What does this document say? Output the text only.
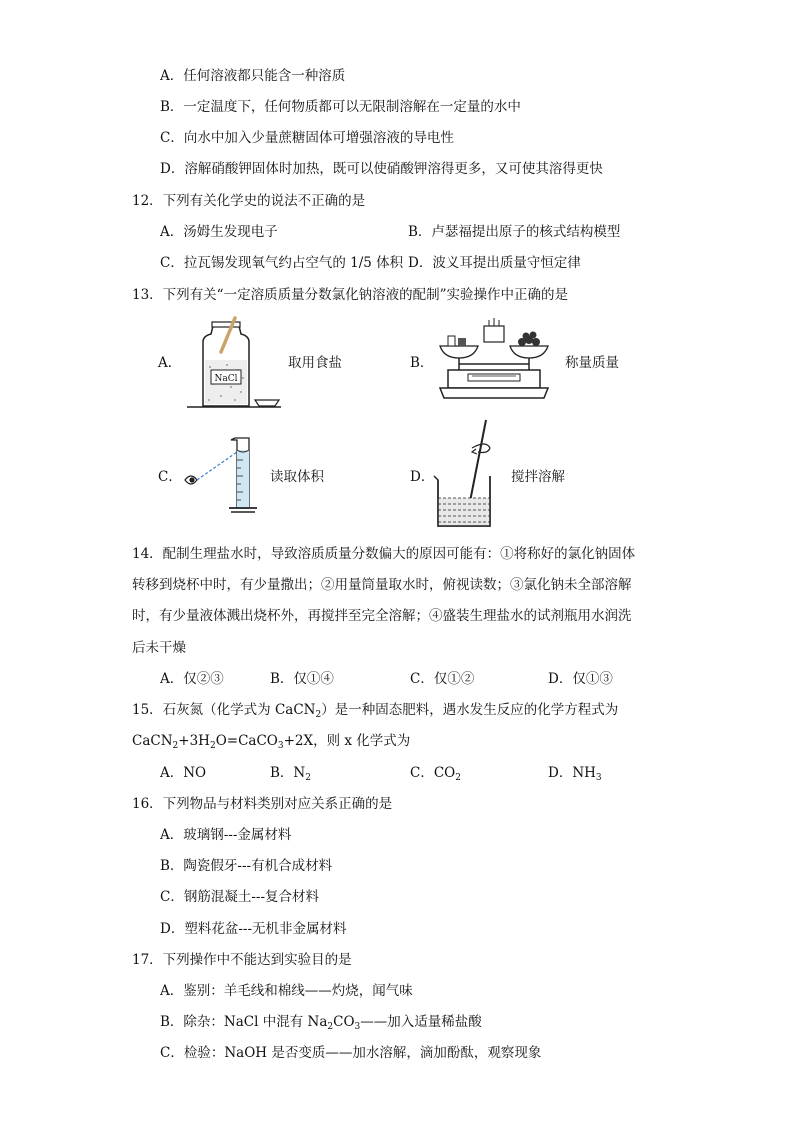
A．任何溶液都只能含一种溶质
B．一定温度下，任何物质都可以无限制溶解在一定量的水中
C．向水中加入少量蔗糖固体可增强溶液的导电性
D．溶解硝酸钾固体时加热，既可以使硝酸钾溶得更多，又可使其溶得更快
12．下列有关化学史的说法不正确的是
A．汤姆生发现电子	B．卢瑟福提出原子的核式结构模型
C．拉瓦锡发现氧气约占空气的 1/5 体积 D．波义耳提出质量守恒定律
13．下列有关“一定溶质质量分数氯化钠溶液的配制”实验操作中正确的是
A．
NaCl
取用食盐	B．	称量质量
C．	读取体积	D．	搅拌溶解
14．配制生理盐水时，导致溶质质量分数偏大的原因可能有：①将称好的氯化钠固体
转移到烧杯中时，有少量撒出；②用量筒量取水时，俯视读数；③氯化钠未全部溶解
时，有少量液体溅出烧杯外，再搅拌至完全溶解；④盛装生理盐水的试剂瓶用水润洗
后未干燥
A．仅②③	B．仅①④	C．仅①②	D．仅①③
15．石灰氮（化学式为 CaCN$_2$）是一种固态肥料，遇水发生反应的化学方程式为
$CaCN_2+3H_2O=CaCO_3+2X$，则 x 化学式为
A．NO	B．$N_2$	C．$CO_2$	D．$NH_3$
16．下列物品与材料类别对应关系正确的是
A．玻璃钢---金属材料
B．陶瓷假牙---有机合成材料
C．钢筋混凝土---复合材料
D．塑料花盆---无机非金属材料
17．下列操作中不能达到实验目的是
A．鉴别：羊毛线和棉线——灼烧，闻气味
B．除杂：NaCl 中混有 $Na_2CO_3——$加入适量稀盐酸
C．检验：NaOH 是否变质——加水溶解，滴加酚酞，观察现象
